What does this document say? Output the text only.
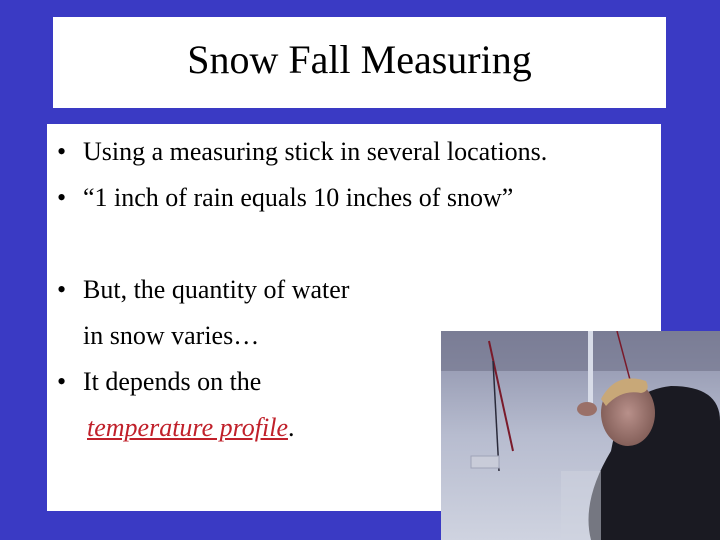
Snow Fall Measuring
• Using a measuring stick in several locations.
• “1 inch of rain equals 10 inches of snow”
• But, the quantity of water
in snow varies…
• It depends on the
temperature profile.
